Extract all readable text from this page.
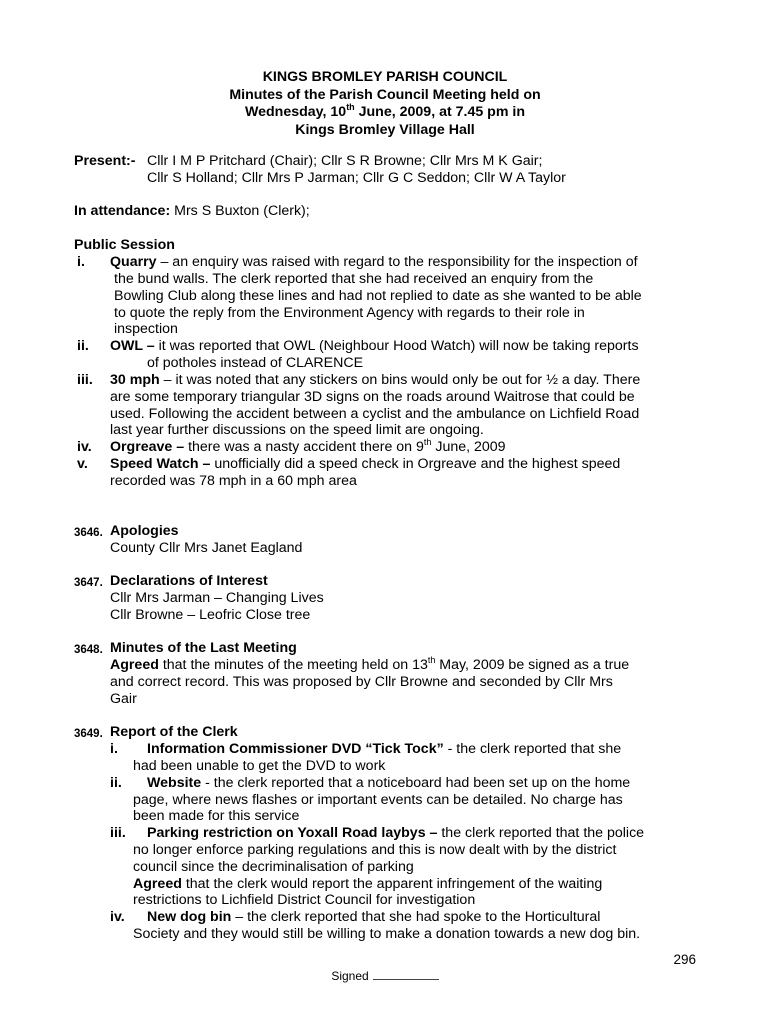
KINGS BROMLEY PARISH COUNCIL
Minutes of the Parish Council Meeting held on
Wednesday, 10th June, 2009, at 7.45 pm in
Kings Bromley Village Hall
Present:- Cllr I M P Pritchard (Chair); Cllr S R Browne; Cllr Mrs M K Gair;
Cllr S Holland; Cllr Mrs P Jarman; Cllr G C Seddon; Cllr W A Taylor
In attendance: Mrs S Buxton (Clerk);
Public Session
i. Quarry – an enquiry was raised with regard to the responsibility for the inspection of
the bund walls. The clerk reported that she had received an enquiry from the
Bowling Club along these lines and had not replied to date as she wanted to be able
to quote the reply from the Environment Agency with regards to their role in
inspection
ii. OWL – it was reported that OWL (Neighbour Hood Watch) will now be taking reports
of potholes instead of CLARENCE
iii. 30 mph – it was noted that any stickers on bins would only be out for ½ a day. There
are some temporary triangular 3D signs on the roads around Waitrose that could be
used. Following the accident between a cyclist and the ambulance on Lichfield Road
last year further discussions on the speed limit are ongoing.
iv. Orgreave – there was a nasty accident there on 9th June, 2009
v. Speed Watch – unofficially did a speed check in Orgreave and the highest speed
recorded was 78 mph in a 60 mph area
3646. Apologies
County Cllr Mrs Janet Eagland
3647. Declarations of Interest
Cllr Mrs Jarman – Changing Lives
Cllr Browne – Leofric Close tree
3648. Minutes of the Last Meeting
Agreed that the minutes of the meeting held on 13th May, 2009 be signed as a true
and correct record. This was proposed by Cllr Browne and seconded by Cllr Mrs
Gair
3649. Report of the Clerk
i. Information Commissioner DVD “Tick Tock” - the clerk reported that she
had been unable to get the DVD to work
ii. Website - the clerk reported that a noticeboard had been set up on the home
page, where news flashes or important events can be detailed. No charge has
been made for this service
iii. Parking restriction on Yoxall Road laybys – the clerk reported that the police
no longer enforce parking regulations and this is now dealt with by the district
council since the decriminalisation of parking
Agreed that the clerk would report the apparent infringement of the waiting
restrictions to Lichfield District Council for investigation
iv. New dog bin – the clerk reported that she had spoke to the Horticultural
Society and they would still be willing to make a donation towards a new dog bin.
296
Signed
